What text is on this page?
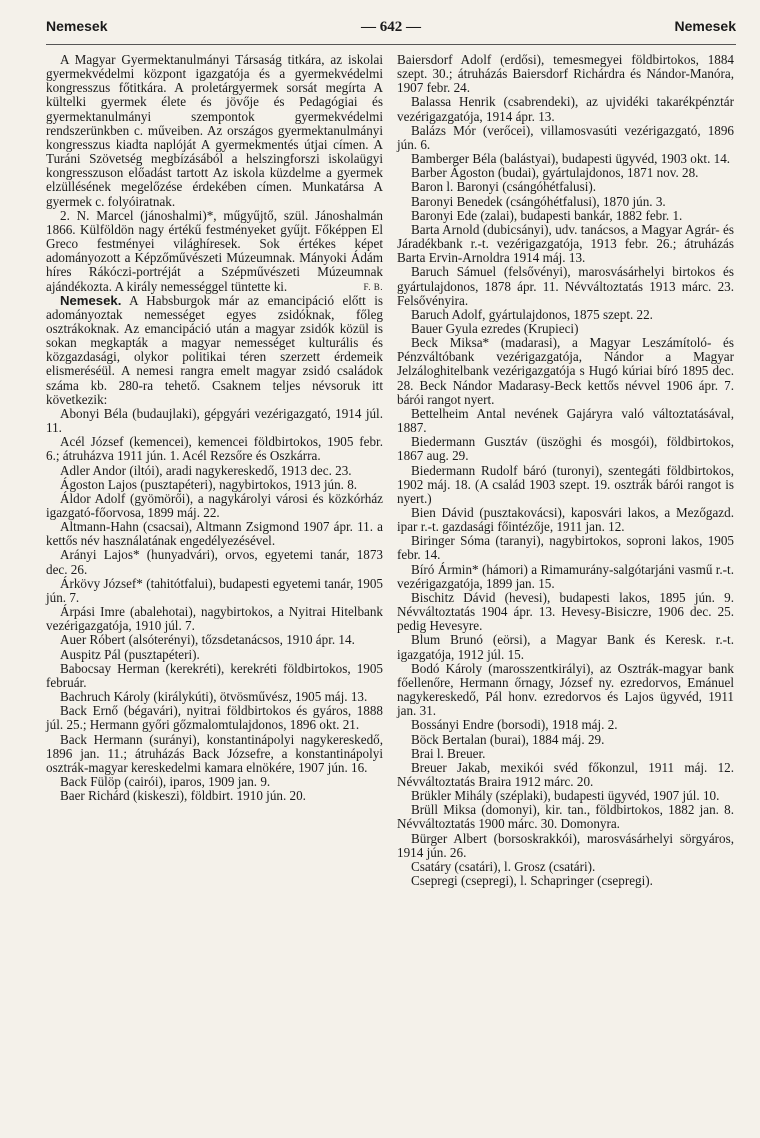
Nemesek	— 642 —	Nemesek

A Magyar Gyermektanulmányi Társaság titkára, az iskolai gyermekvédelmi központ igazgatója és a gyermekvédelmi kongresszus főtitkára. A proletárgyermek sorsát megírta A kültelki gyermek élete és jövője és Pedagógiai és gyermektanulmányi szempontok gyermekvédelmi rendszerünkben c. műveiben. Az országos gyermektanulmányi kongresszus kiadta naplóját A gyermekmentés útjai címen. A Turáni Szövetség megbízásából a helszingforszi iskolaügyi kongresszuson előadást tartott Az iskola küzdelme a gyermek elzüllésének megelőzése érdekében címen. Munkatársa A gyermek c. folyóiratnak.

2. N. Marcel (jánoshalmi)*, műgyűjtő, szül. Jánoshalmán 1866. Külföldön nagy értékű festményeket gyűjt. Főképpen El Greco festményei világhíresek. Sok értékes képet adományozott a Képzőművészeti Múzeumnak. Mányoki Ádám híres Rákóczi-portréját a Szépművészeti Múzeumnak ajándékozta. A király nemességgel tüntette ki.	F. B.

Nemesek. A Habsburgok már az emancipáció előtt is adományoztak nemességet egyes zsidóknak, főleg osztrákoknak. Az emancipáció után a magyar zsidók közül is sokan megkapták a magyar nemességet kulturális és közgazdasági, olykor politikai téren szerzett érdemeik elismeréséül. A nemesi rangra emelt magyar zsidó családok száma kb. 280-ra tehető. Csaknem teljes névsoruk itt következik:

Abonyi Béla (budaujlaki), gépgyári vezérigazgató, 1914 júl. 11.

Acél József (kemencei), kemencei földbirtokos, 1905 febr. 6.; átruházva 1911 jún. 1. Acél Rezsőre és Oszkárra.

Adler Andor (iltói), aradi nagykereskedő, 1913 dec. 23.

Ágoston Lajos (pusztapéteri), nagybirtokos, 1913 jún. 8.

Áldor Adolf (gyömörői), a nagykárolyi városi és közkórház igazgató-főorvosa, 1899 máj. 22.

Altmann-Hahn (csacsai), Altmann Zsigmond 1907 ápr. 11. a kettős név használatának engedélyezésével.

Arányi Lajos* (hunyadvári), orvos, egyetemi tanár, 1873 dec. 26.

Árkövy József* (tahitótfalui), budapesti egyetemi tanár, 1905 jún. 7.

Árpási Imre (abalehotai), nagybirtokos, a Nyitrai Hitelbank vezérigazgatója, 1910 júl. 7.

Auer Róbert (alsóterényi), tőzsdetanácsos, 1910 ápr. 14.

Auspitz Pál (pusztapéteri).

Babocsay Herman (kerekréti), kerekréti földbirtokos, 1905 február.

Bachruch Károly (királykúti), ötvösművész, 1905 máj. 13.

Back Ernő (bégavári), nyitrai földbirtokos és gyáros, 1888 júl. 25.; Hermann győri gőzmalomtulajdonos, 1896 okt. 21.

Back Hermann (surányi), konstantinápolyi nagykereskedő, 1896 jan. 11.; átruházás Back Józsefre, a konstantinápolyi osztrák-magyar kereskedelmi kamara elnökére, 1907 jún. 16.

Back Fülöp (cairói), iparos, 1909 jan. 9.

Baer Richárd (kiskeszi), földbirt. 1910 jún. 20.

Baiersdorf Adolf (erdősi), temesmegyei földbirtokos, 1884 szept. 30.; átruházás Baiersdorf Richárdra és Nándor-Manóra, 1907 febr. 24.

Balassa Henrik (csabrendeki), az ujvidéki takarékpénztár vezérigazgatója, 1914 ápr. 13.

Balázs Mór (verőcei), villamosvasúti vezérigazgató, 1896 jún. 6.

Bamberger Béla (balástyai), budapesti ügyvéd, 1903 okt. 14.

Barber Ágoston (budai), gyártulajdonos, 1871 nov. 28.

Baron l. Baronyi (csángóhétfalusi).

Baronyi Benedek (csángóhétfalusi), 1870 jún. 3.

Baronyi Ede (zalai), budapesti bankár, 1882 febr. 1.

Barta Arnold (dubicsányi), udv. tanácsos, a Magyar Agrár- és Járadékbank r.-t. vezérigazgatója, 1913 febr. 26.; átruházás Barta Ervin-Arnoldra 1914 máj. 13.

Baruch Sámuel (felsővényi), marosvásárhelyi birtokos és gyártulajdonos, 1878 ápr. 11. Névváltoztatás 1913 márc. 23. Felsővényira.

Baruch Adolf, gyártulajdonos, 1875 szept. 22.

Bauer Gyula ezredes (Krupieci)

Beck Miksa* (madarasi), a Magyar Leszámítoló- és Pénzváltóbank vezérigazgatója, Nándor a Magyar Jelzáloghitelbank vezérigazgatója s Hugó kúriai bíró 1895 dec. 28. Beck Nándor Madarasy-Beck kettős névvel 1906 ápr. 7. bárói rangot nyert.

Bettelheim Antal nevének Gajáryra való változtatásával, 1887.

Biedermann Gusztáv (üszöghi és mosgói), földbirtokos, 1867 aug. 29.

Biedermann Rudolf báró (turonyi), szentegáti földbirtokos, 1902 máj. 18. (A család 1903 szept. 19. osztrák bárói rangot is nyert.)

Bien Dávid (pusztakovácsi), kaposvári lakos, a Mezőgazd. ipar r.-t. gazdasági főintézője, 1911 jan. 12.

Biringer Sóma (taranyi), nagybirtokos, soproni lakos, 1905 febr. 14.

Bíró Ármin* (hámori) a Rimamurány-salgótarjáni vasmű r.-t. vezérigazgatója, 1899 jan. 15.

Bischitz Dávid (hevesi), budapesti lakos, 1895 jún. 9. Névváltoztatás 1904 ápr. 13. Hevesy-Bisiczre, 1906 dec. 25. pedig Hevesyre.

Blum Brunó (eörsi), a Magyar Bank és Keresk. r.-t. igazgatója, 1912 júl. 15.

Bodó Károly (marosszentkirályi), az Osztrák-magyar bank főellenőre, Hermann őrnagy, József ny. ezredorvos, Emánuel nagykereskedő, Pál honv. ezredorvos és Lajos ügyvéd, 1911 jan. 31.

Bossányi Endre (borsodi), 1918 máj. 2.

Böck Bertalan (burai), 1884 máj. 29.

Brai l. Breuer.

Breuer Jakab, mexikói svéd főkonzul, 1911 máj. 12. Névváltoztatás Braira 1912 márc. 20.

Brükler Mihály (széplaki), budapesti ügyvéd, 1907 júl. 10.

Brüll Miksa (domonyi), kir. tan., földbirtokos, 1882 jan. 8. Névváltoztatás 1900 márc. 30. Domonyra.

Bürger Albert (borsoskrakkói), marosvásárhelyi sörgyáros, 1914 jún. 26.

Csatáry (csatári), l. Grosz (csatári).

Csepregi (csepregi), l. Schapringer (csepregi).
